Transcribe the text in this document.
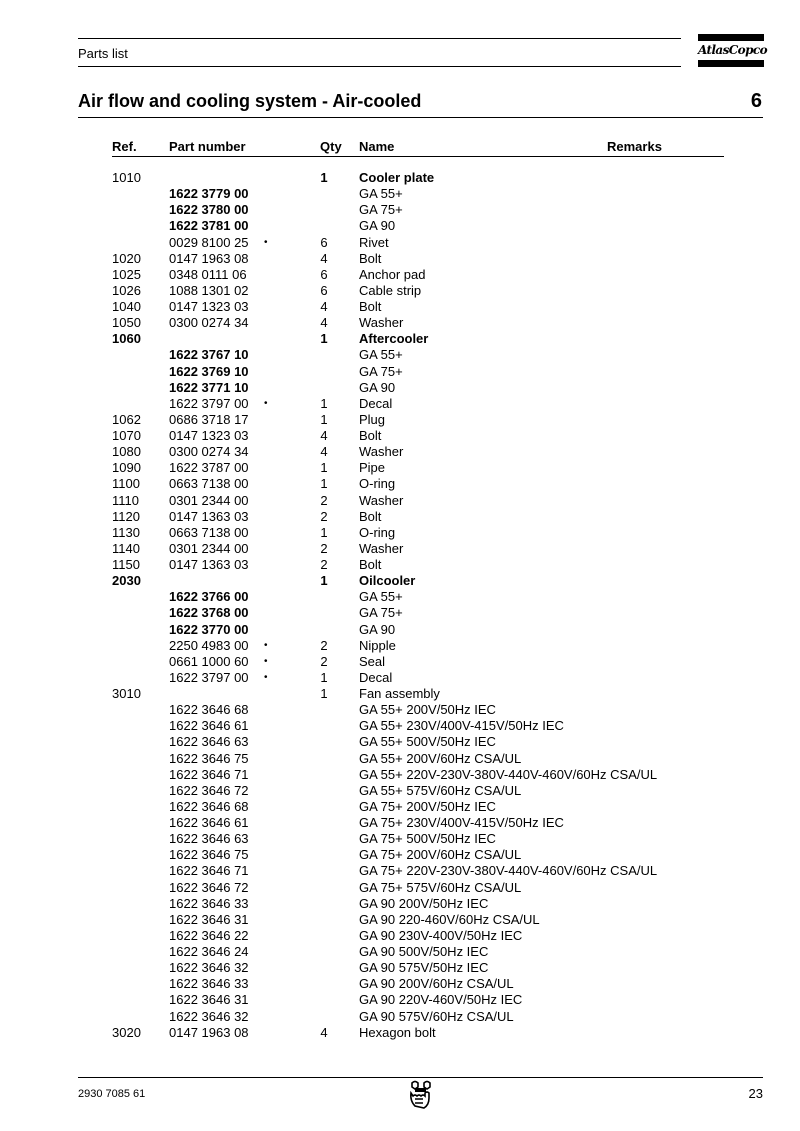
Parts list	AtlasCopco
Air flow and cooling system - Air-cooled	6
Ref. Part number	Qty Name	Remarks
1010	1	Cooler plate
1622 3779 00	GA 55+
1622 3780 00	GA 75+
1622 3781 00	GA 90
0029 8100 25 •	6	Rivet
1020 0147 1963 08	4	Bolt
1025 0348 0111 06	6	Anchor pad
1026 1088 1301 02	6	Cable strip
1040 0147 1323 03	4	Bolt
1050 0300 0274 34	4	Washer
1060	1	Aftercooler
1622 3767 10	GA 55+
1622 3769 10	GA 75+
1622 3771 10	GA 90
1622 3797 00 •	1	Decal
1062 0686 3718 17	1	Plug
1070 0147 1323 03	4	Bolt
1080 0300 0274 34	4	Washer
1090 1622 3787 00	1	Pipe
1100 0663 7138 00	1	O-ring
1110 0301 2344 00	2	Washer
1120 0147 1363 03	2	Bolt
1130 0663 7138 00	1	O-ring
1140 0301 2344 00	2	Washer
1150 0147 1363 03	2	Bolt
2030	1	Oilcooler
1622 3766 00	GA 55+
1622 3768 00	GA 75+
1622 3770 00	GA 90
2250 4983 00 •	2	Nipple
0661 1000 60 •	2	Seal
1622 3797 00 •	1	Decal
3010	1	Fan assembly
1622 3646 68	GA 55+ 200V/50Hz IEC
1622 3646 61	GA 55+ 230V/400V-415V/50Hz IEC
1622 3646 63	GA 55+ 500V/50Hz IEC
1622 3646 75	GA 55+ 200V/60Hz CSA/UL
1622 3646 71	GA 55+ 220V-230V-380V-440V-460V/60Hz CSA/UL
1622 3646 72	GA 55+ 575V/60Hz CSA/UL
1622 3646 68	GA 75+ 200V/50Hz IEC
1622 3646 61	GA 75+ 230V/400V-415V/50Hz IEC
1622 3646 63	GA 75+ 500V/50Hz IEC
1622 3646 75	GA 75+ 200V/60Hz CSA/UL
1622 3646 71	GA 75+ 220V-230V-380V-440V-460V/60Hz CSA/UL
1622 3646 72	GA 75+ 575V/60Hz CSA/UL
1622 3646 33	GA 90 200V/50Hz IEC
1622 3646 31	GA 90 220-460V/60Hz CSA/UL
1622 3646 22	GA 90 230V-400V/50Hz IEC
1622 3646 24	GA 90 500V/50Hz IEC
1622 3646 32	GA 90 575V/50Hz IEC
1622 3646 33	GA 90 200V/60Hz CSA/UL
1622 3646 31	GA 90 220V-460V/50Hz IEC
1622 3646 32	GA 90 575V/60Hz CSA/UL
3020 0147 1963 08	4	Hexagon bolt
2930 7085 61	23
